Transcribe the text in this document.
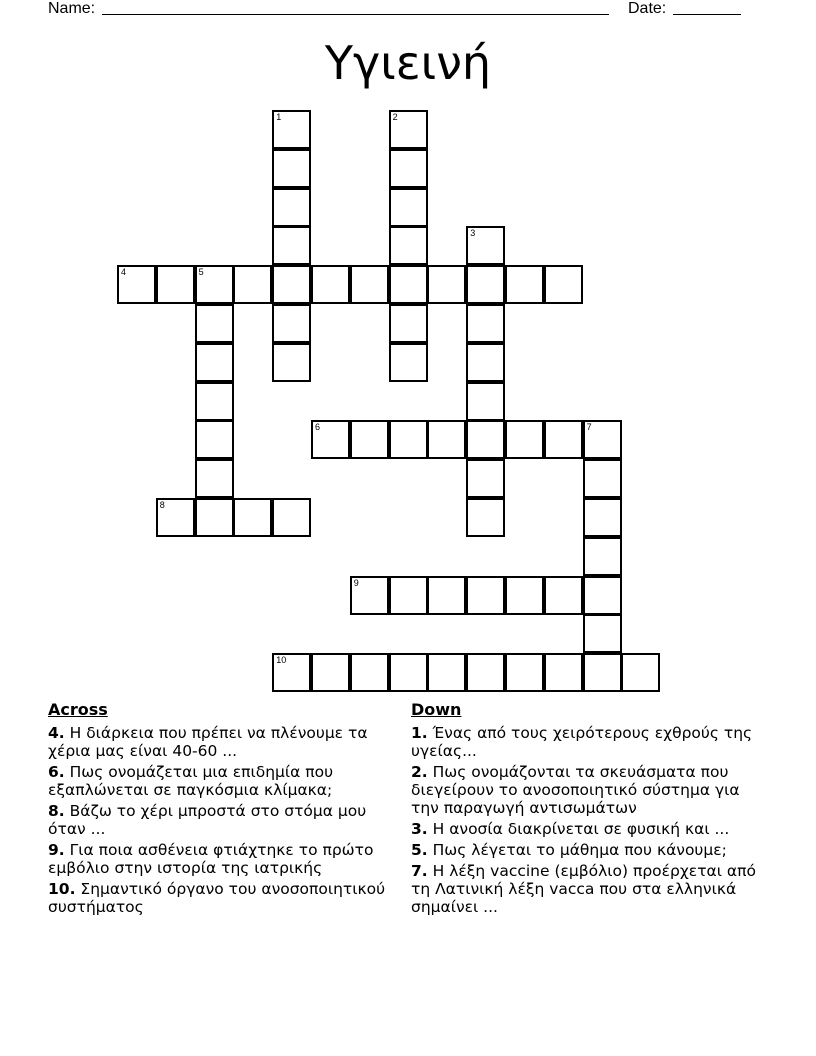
Name:	Date:
Υγιεινή
1	2
3
4	5
6	7
8
9
10
Across
4. Η διάρκεια που πρέπει να πλένουμε τα χέρια μας είναι 40-60 ...
6. Πως ονομάζεται μια επιδημία που εξαπλώνεται σε παγκόσμια κλίμακα;
8. Βάζω το χέρι μπροστά στο στόμα μου όταν ...
9. Για ποια ασθένεια φτιάχτηκε το πρώτο εμβόλιο στην ιστορία της ιατρικής
10. Σημαντικό όργανο του ανοσοποιητικού συστήματος
Down
1. Ένας από τους χειρότερους εχθρούς της υγείας...
2. Πως ονομάζονται τα σκευάσματα που διεγείρουν το ανοσοποιητικό σύστημα για την παραγωγή αντισωμάτων
3. Η ανοσία διακρίνεται σε φυσική και ...
5. Πως λέγεται το μάθημα που κάνουμε;
7. Η λέξη vaccine (εμβόλιο) προέρχεται από τη Λατινική λέξη vacca που στα ελληνικά σημαίνει ...
